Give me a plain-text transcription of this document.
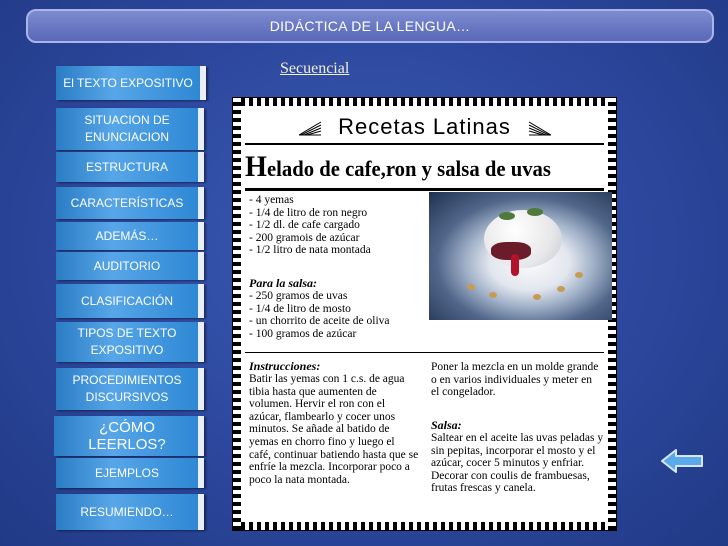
DIDÁCTICA DE LA LENGUA…
Secuencial
El TEXTO EXPOSITIVO
SITUACION DE ENUNCIACION
ESTRUCTURA
CARACTERÍSTICAS
ADEMÁS…
AUDITORIO
CLASIFICACIÓN
TIPOS DE TEXTO EXPOSITIVO
PROCEDIMIENTOS DISCURSIVOS
¿CÓMO LEERLOS?
EJEMPLOS
RESUMIENDO…
Recetas Latinas
Helado de cafe,ron y salsa de uvas
- 4 yemas
- 1/4 de litro de ron negro
- 1/2 dl. de cafe cargado
- 200 gramois de azúcar
- 1/2 litro de nata montada
Para la salsa:
- 250 gramos de uvas
- 1/4 de litro de mosto
- un chorrito de aceite de oliva
- 100 gramos de azúcar
Instrucciones:
Batir las yemas con 1 c.s. de agua tibia hasta que aumenten de volumen. Hervir el ron con el azúcar, flambearlo y cocer unos minutos. Se añade al batido de yemas en chorro fino y luego el café, continuar batiendo hasta que se enfríe la mezcla. Incorporar poco a poco la nata montada.
Poner la mezcla en un molde grande o en varios individuales y meter en el congelador.
Salsa:
Saltear en el aceite las uvas peladas y sin pepitas, incorporar el mosto y el azúcar, cocer 5 minutos y enfriar. Decorar con coulis de frambuesas, frutas frescas y canela.
